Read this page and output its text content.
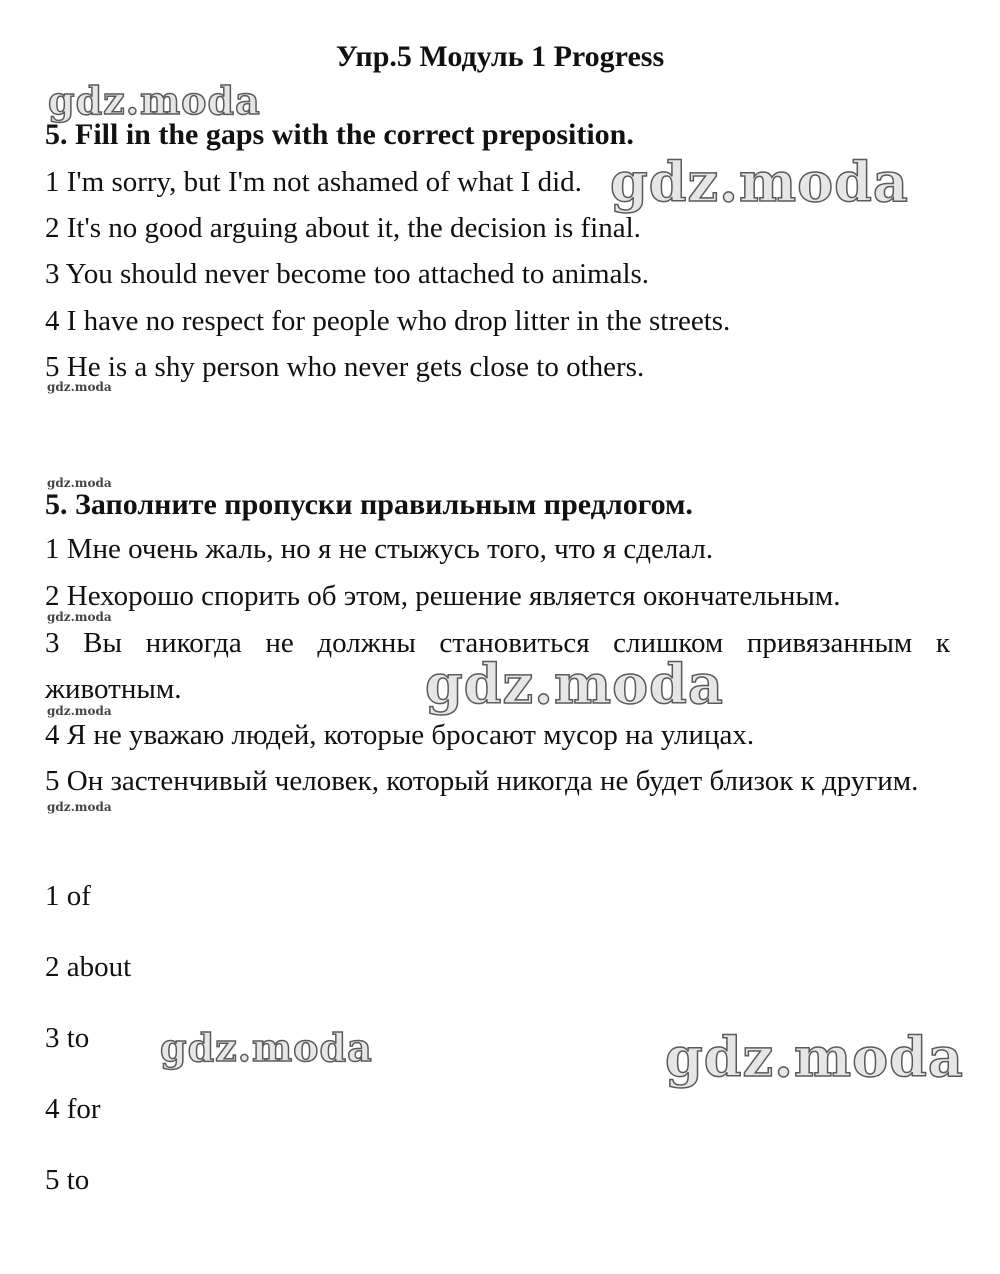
Упр.5 Модуль 1 Progress
5. Fill in the gaps with the correct preposition.
1 I'm sorry, but I'm not ashamed of what I did.
2 It's no good arguing about it, the decision is final.
3 You should never become too attached to animals.
4 I have no respect for people who drop litter in the streets.
5 He is a shy person who never gets close to others.
5. Заполните пропуски правильным предлогом.
1 Мне очень жаль, но я не стыжусь того, что я сделал.
2 Нехорошо спорить об этом, решение является окончательным.
3 Вы никогда не должны становиться слишком привязанным к животным.
4 Я не уважаю людей, которые бросают мусор на улицах.
5 Он застенчивый человек, который никогда не будет близок к другим.
1 of
2 about
3 to
4 for
5 to
gdz.moda
gdz.moda
gdz.moda
gdz.moda
gdz.moda
gdz.moda
gdz.moda
gdz.moda
gdz.moda	gdz.moda
